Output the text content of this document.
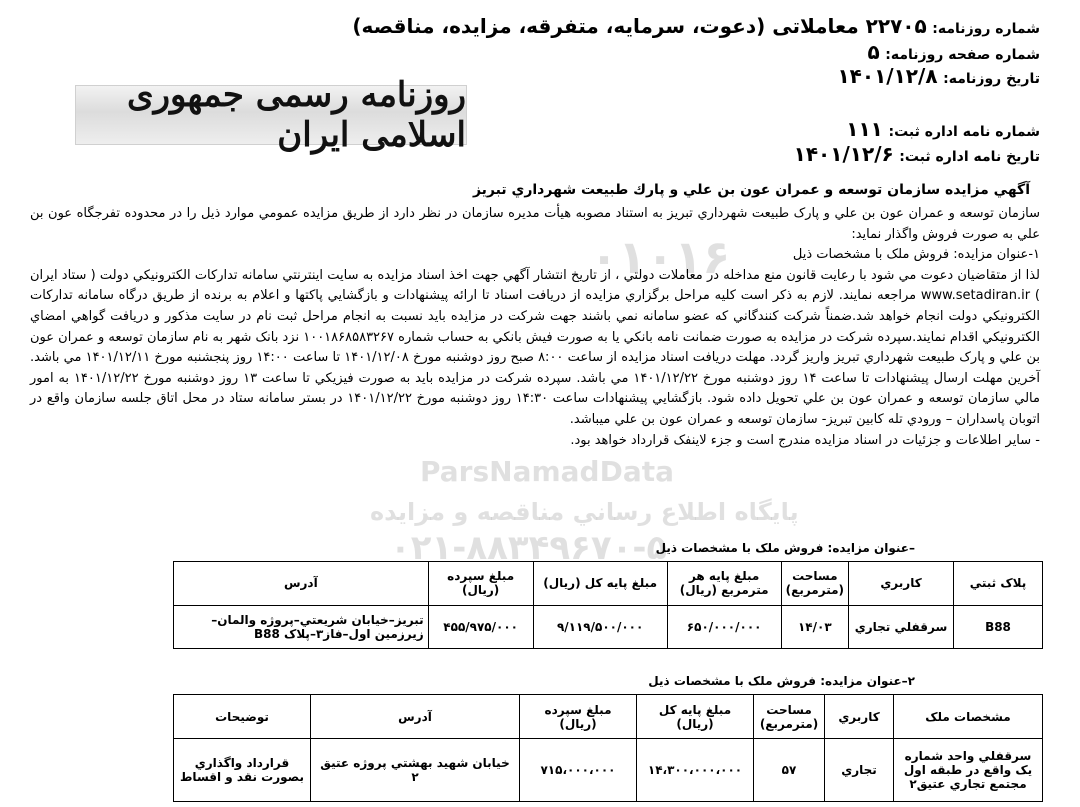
شماره روزنامه: ۲۲۷۰۵ معاملاتی (دعوت، سرمایه، متفرقه، مزایده، مناقصه)
شماره صفحه روزنامه: ۵
تاریخ روزنامه: ۱۴۰۱/۱۲/۸
شماره نامه اداره ثبت: ۱۱۱
تاریخ نامه اداره ثبت: ۱۴۰۱/۱۲/۶
روزنامه رسمی جمهوری اسلامی ایران
آگهي مزايده سازمان توسعه و عمران عون بن علي و پارك طبيعت شهرداري تبريز

سازمان توسعه و عمران عون بن علي و پارک طبيعت شهرداري تبريز به استناد مصوبه هيأت مديره سازمان در نظر دارد از طريق مزايده عمومي موارد ذيل را در محدوده تفرجگاه عون بن علي به صورت فروش واگذار نمايد:

۱-عنوان مزايده: فروش ملک با مشخصات ذيل

لذا از متقاضيان دعوت مي شود با رعايت قانون منع مداخله در معاملات دولتي ، از تاريخ انتشار آگهي جهت اخذ اسناد مزايده به سايت اينترنتي سامانه تدارکات الکترونيکي دولت ( ستاد ايران ) www.setadiran.ir مراجعه نمايند. لازم به ذکر است کليه مراحل برگزاري مزايده از دريافت اسناد تا ارائه پيشنهادات و بازگشايي پاکتها و اعلام به برنده از طريق درگاه سامانه تدارکات الکترونيکي دولت انجام خواهد شد.ضمناً شرکت کنندگاني که عضو سامانه نمي باشند جهت شرکت در مزايده بايد نسبت به انجام مراحل ثبت نام در سايت مذکور و دريافت گواهي امضاي الکترونيکي اقدام نمايند.سپرده شرکت در مزايده به صورت ضمانت نامه بانکي يا به صورت فيش بانکي به حساب شماره ۱۰۰۱۸۶۸۵۸۳۲۶۷ نزد بانک شهر به نام سازمان توسعه و عمران عون بن علي و پارک طبيعت شهرداري تبريز واريز گردد. مهلت دريافت اسناد مزايده از ساعت ۸:۰۰ صبح روز دوشنبه مورخ ۱۴۰۱/۱۲/۰۸ تا ساعت ۱۴:۰۰ روز پنجشنبه مورخ ۱۴۰۱/۱۲/۱۱ مي باشد. آخرين مهلت ارسال پيشنهادات تا ساعت ۱۴ روز دوشنبه مورخ ۱۴۰۱/۱۲/۲۲ مي باشد. سپرده شرکت در مزايده بايد به صورت فيزيکي تا ساعت ۱۳ روز دوشنبه مورخ ۱۴۰۱/۱۲/۲۲ به امور مالي سازمان توسعه و عمران عون بن علي تحويل داده شود. بازگشايي پيشنهادات ساعت ۱۴:۳۰ روز دوشنبه مورخ ۱۴۰۱/۱۲/۲۲ در بستر سامانه ستاد در محل اتاق جلسه سازمان واقع در اتوبان پاسداران – ورودي تله کابين تبريز- سازمان توسعه و عمران عون بن علي ميباشد.

- ساير اطلاعات و جزئيات در اسناد مزايده مندرج است و جزء لاينفک قرارداد خواهد بود.

۰۱۰۱۶
ParsNamadData
پايگاه اطلاع رساني مناقصه و مزايده
۰۲۱-۸۸۳۴۹۶۷۰-۵
–عنوان مزايده: فروش ملک با مشخصات ذيل
پلاک ثبتي	کاربري	مساحت (مترمربع)	مبلغ پايه هر مترمربع (ريال)	مبلغ پايه کل (ريال)	مبلغ سپرده (ريال)	آدرس
B88	سرقفلي تجاري	۱۴/۰۳	۶۵۰/۰۰۰/۰۰۰	۹/۱۱۹/۵۰۰/۰۰۰	۴۵۵/۹۷۵/۰۰۰	تبريز–خيابان شريعتي–پروژه والمان–زيرزمين اول–فاز۳–پلاک B88
۲–عنوان مزايده: فروش ملک با مشخصات ذيل
مشخصات ملک	کاربري	مساحت (مترمربع)	مبلغ پايه کل (ريال)	مبلغ سپرده (ريال)	آدرس	توضيحات
سرقفلي واحد شماره يک واقع در طبقه اول مجتمع تجاري عتيق۲	تجاري	۵۷	۱۴،۳۰۰،۰۰۰،۰۰۰	۷۱۵،۰۰۰،۰۰۰	خيابان شهيد بهشتي پروژه عتيق ۲	قرارداد واگذاري بصورت نقد و اقساط
